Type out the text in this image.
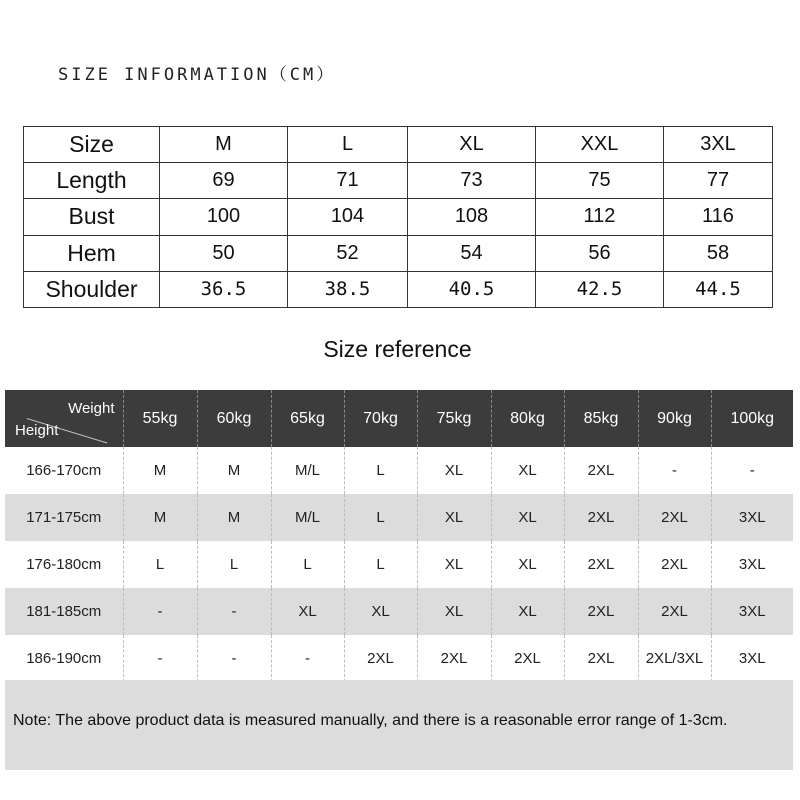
SIZE INFORMATION（CM）
Size	M	L	XL	XXL	3XL
Length	69	71	73	75	77
Bust	100	104	108	112	116
Hem	50	52	54	56	58
Shoulder	36.5	38.5	40.5	42.5	44.5
Size reference
Weight
Height	55kg	60kg	65kg	70kg	75kg	80kg	85kg	90kg	100kg
166-170cm	M	M	M/L	L	XL	XL	2XL	-	-
171-175cm	M	M	M/L	L	XL	XL	2XL	2XL	3XL
176-180cm	L	L	L	L	XL	XL	2XL	2XL	3XL
181-185cm	-	-	XL	XL	XL	XL	2XL	2XL	3XL
186-190cm	-	-	-	2XL	2XL	2XL	2XL	2XL/3XL	3XL
Note: The above product data is measured manually, and there is a reasonable error range of 1-3cm.
